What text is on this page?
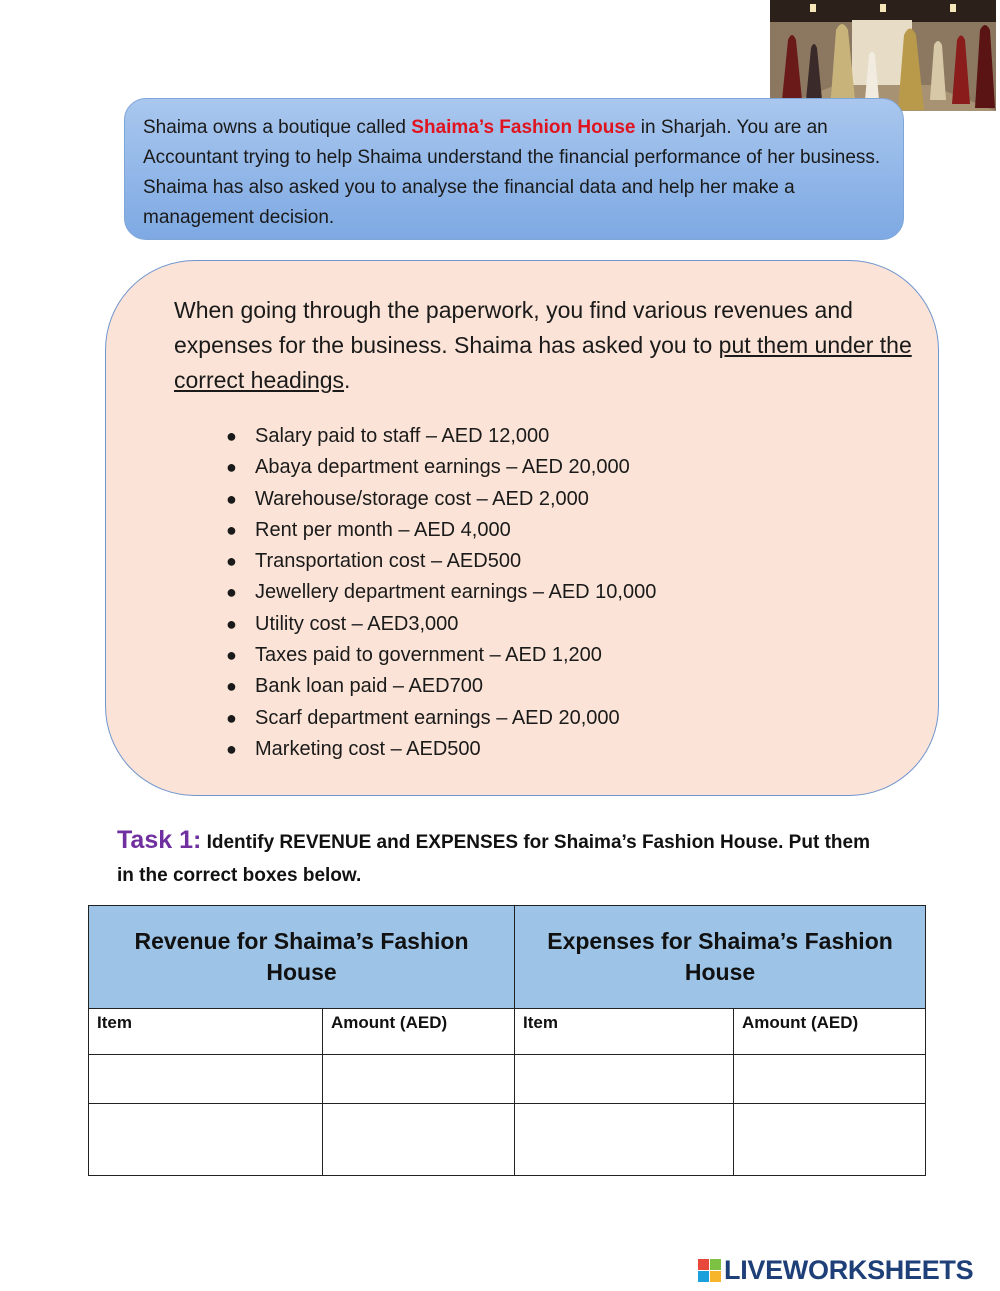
Shaima owns a boutique called Shaima’s Fashion House in Sharjah. You are an Accountant trying to help Shaima understand the financial performance of her business. Shaima has also asked you to analyse the financial data and help her make a management decision.
When going through the paperwork, you find various revenues and expenses for the business. Shaima has asked you to put them under the correct headings.
● Salary paid to staff – AED 12,000
● Abaya department earnings – AED 20,000
● Warehouse/storage cost – AED 2,000
● Rent per month – AED 4,000
● Transportation cost – AED500
● Jewellery department earnings – AED 10,000
● Utility cost – AED3,000
● Taxes paid to government – AED 1,200
● Bank loan paid – AED700
● Scarf department earnings – AED 20,000
● Marketing cost – AED500
Task 1: Identify REVENUE and EXPENSES for Shaima’s Fashion House. Put them in the correct boxes below.
Revenue for Shaima’s Fashion House		Expenses for Shaima’s Fashion House	
Item	Amount (AED)	Item	Amount (AED)

LIVEWORKSHEETS
